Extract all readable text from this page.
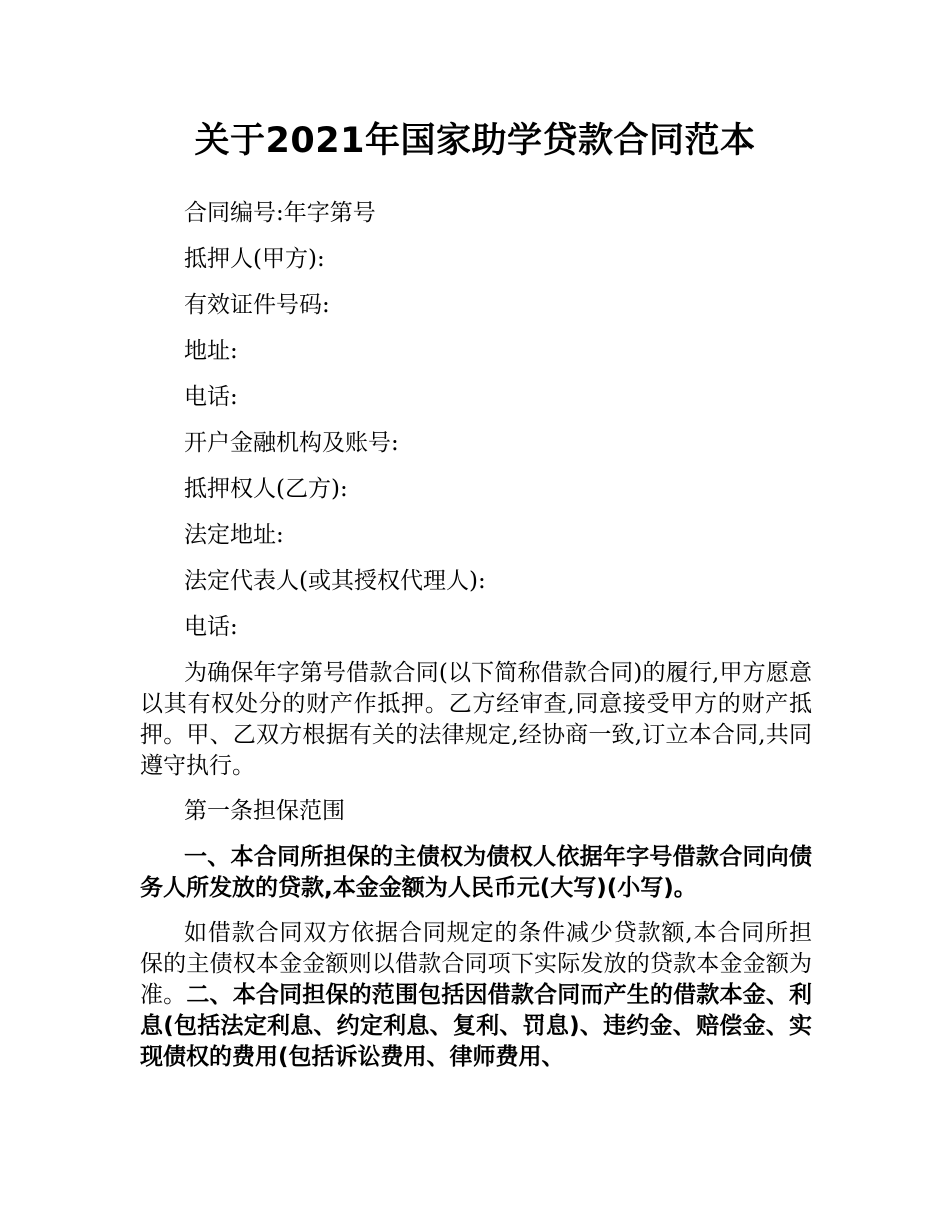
关于2021年国家助学贷款合同范本
合同编号:年字第号
抵押人(甲方):
有效证件号码:
地址:
电话:
开户金融机构及账号:
抵押权人(乙方):
法定地址:
法定代表人(或其授权代理人):
电话:

为确保年字第号借款合同(以下简称借款合同)的履行,甲方愿意以其有权处分的财产作抵押。乙方经审查,同意接受甲方的财产抵押。甲、乙双方根据有关的法律规定,经协商一致,订立本合同,共同遵守执行。

第一条担保范围

一、本合同所担保的主债权为债权人依据年字号借款合同向债务人所发放的贷款,本金金额为人民币元(大写)(小写)。

如借款合同双方依据合同规定的条件减少贷款额,本合同所担保的主债权本金金额则以借款合同项下实际发放的贷款本金金额为准。二、本合同担保的范围包括因借款合同而产生的借款本金、利息(包括法定利息、约定利息、复利、罚息)、违约金、赔偿金、实现债权的费用(包括诉讼费用、律师费用、
